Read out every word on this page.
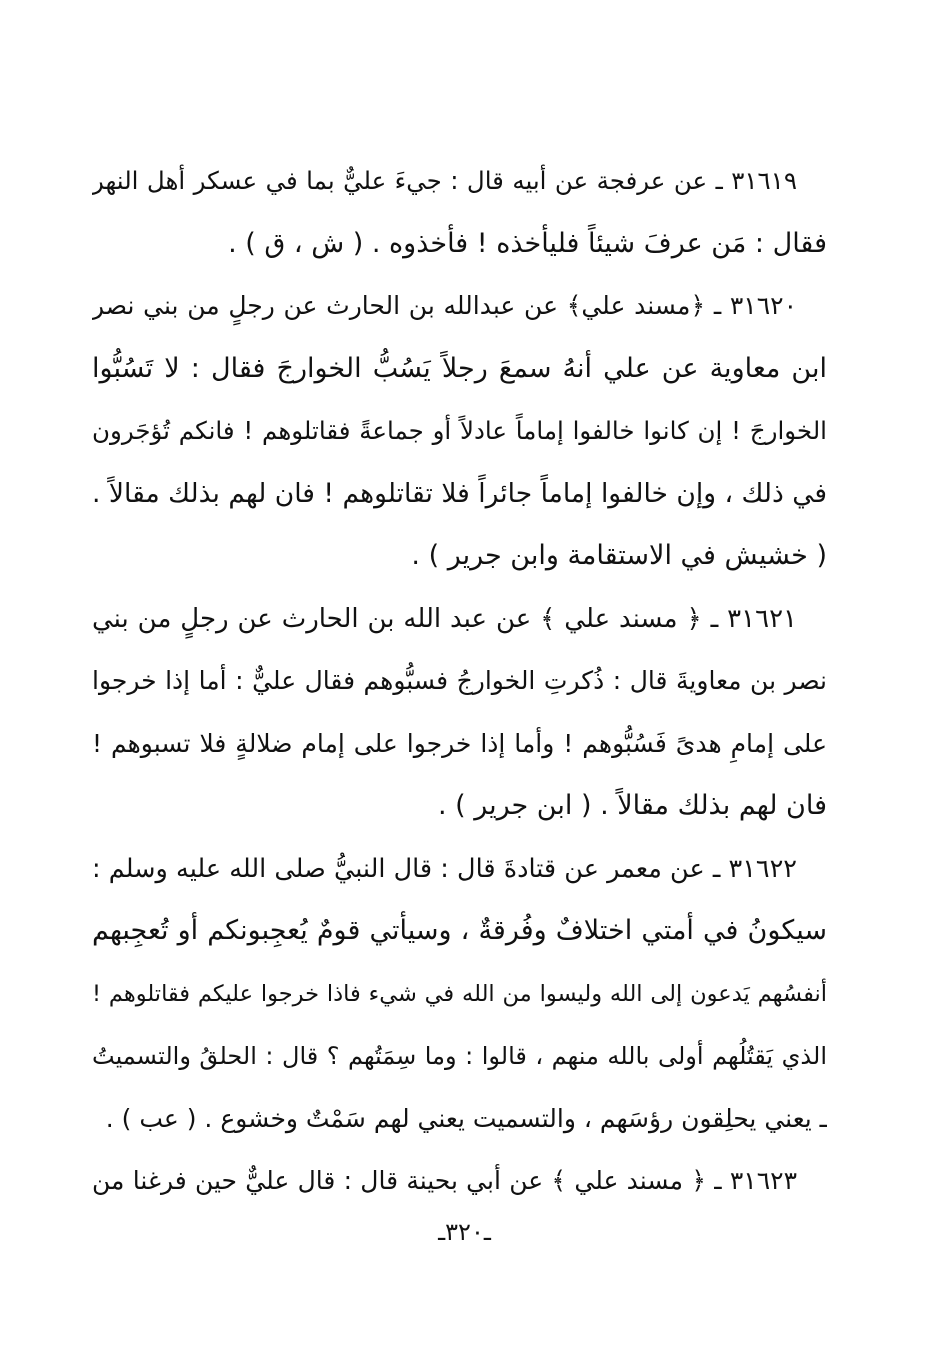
٣١٦١٩ ـ عن عرفجة عن أبيه قال : جيءَ عليٌّ بما في عسكر أهل النهر
فقال : مَن عرفَ شيئاً فليأخذه ! فأخذوه . ( ش ، ق ) .
٣١٦٢٠ ـ ﴿مسند علي﴾ عن عبدالله بن الحارث عن رجلٍ من بني نصر
ابن معاوية عن علي أنهُ سمعَ رجلاً يَسُبُّ الخوارجَ فقال : لا تَسُبُّوا
الخوارجَ ! إن كانوا خالفوا إماماً عادلاً أو جماعةً فقاتلوهم ! فانكم تُؤجَرون
في ذلك ، وإن خالفوا إماماً جائراً فلا تقاتلوهم ! فان لهم بذلك مقالاً .
( خشيش في الاستقامة وابن جرير ) .
٣١٦٢١ ـ ﴿ مسند علي ﴾ عن عبد الله بن الحارث عن رجلٍ من بني
نصر بن معاويةَ قال : ذُكرتِ الخوارجُ فسبُّوهم فقال عليٌّ : أما إذا خرجوا
على إمامِ هدىً فَسُبُّوهم ! وأما إذا خرجوا على إمام ضلالةٍ فلا تسبوهم !
فان لهم بذلك مقالاً . ( ابن جرير ) .
٣١٦٢٢ ـ عن معمر عن قتادةَ قال : قال النبيُّ صلى الله عليه وسلم :
سيكونُ في أمتي اختلافٌ وفُرقةٌ ، وسيأتي قومٌ يُعجِبونكم أو تُعجِبهم
أنفسُهم يَدعون إلى الله وليسوا من الله في شيء فاذا خرجوا عليكم فقاتلوهم !
الذي يَقتُلُهم أولى بالله منهم ، قالوا : وما سِمَتُهم ؟ قال : الحلقُ والتسميتُ
ـ يعني يحلِقون رؤسَهم ، والتسميت يعني لهم سَمْتٌ وخشوع . ( عب ) .
٣١٦٢٣ ـ ﴿ مسند علي ﴾ عن أبي بحينة قال : قال عليٌّ حين فرغنا من
ـ٣٢٠ـ
